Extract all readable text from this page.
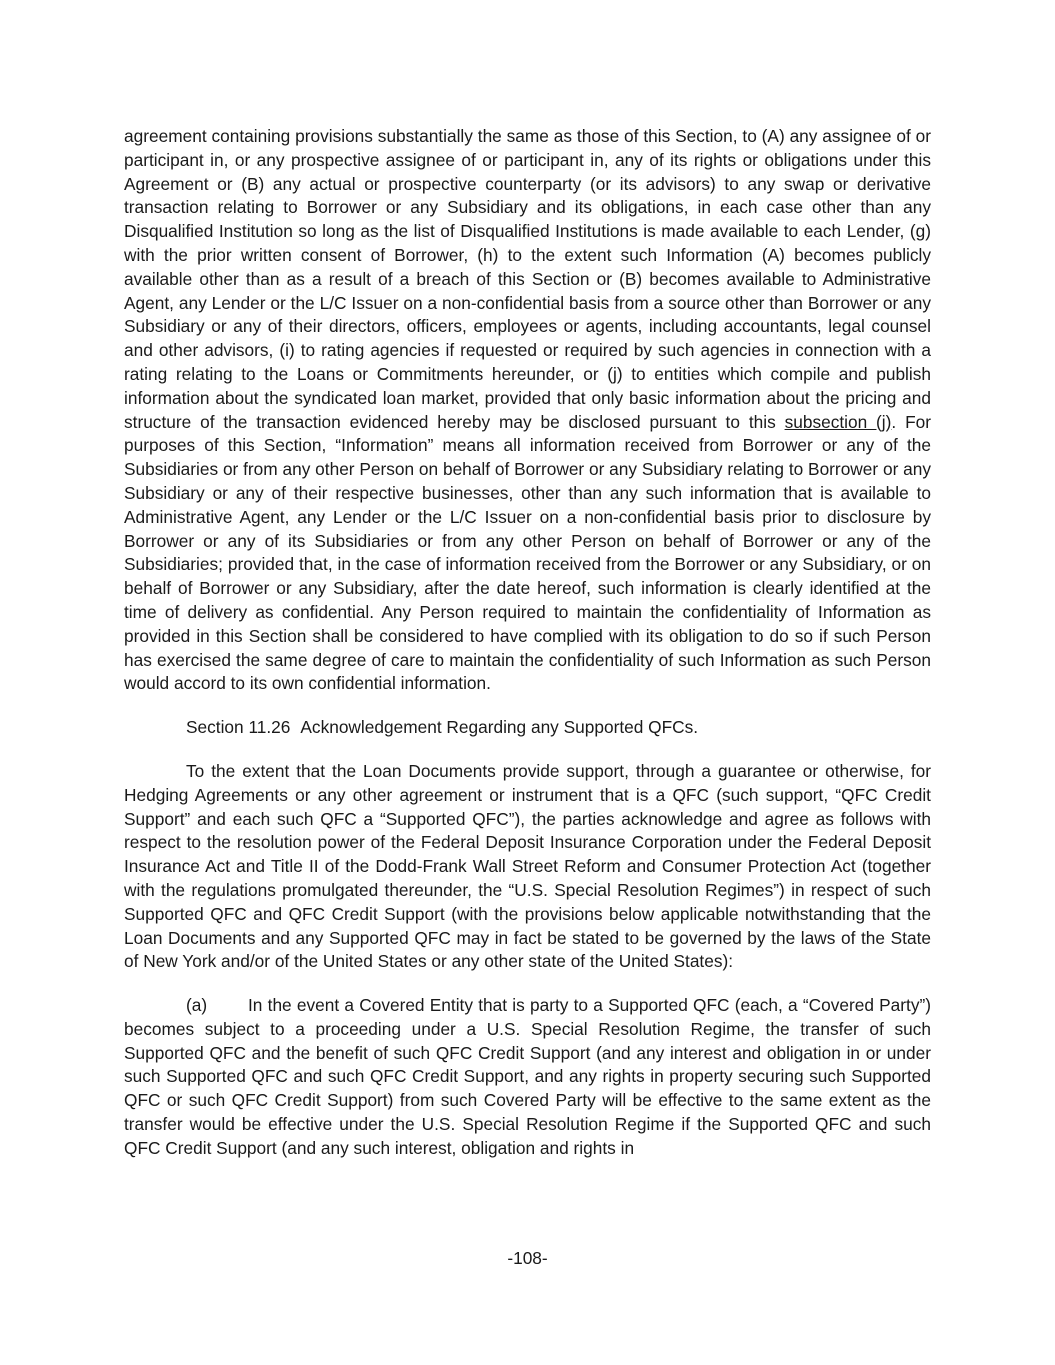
agreement containing provisions substantially the same as those of this Section, to (A) any assignee of or participant in, or any prospective assignee of or participant in, any of its rights or obligations under this Agreement or (B) any actual or prospective counterparty (or its advisors) to any swap or derivative transaction relating to Borrower or any Subsidiary and its obligations, in each case other than any Disqualified Institution so long as the list of Disqualified Institutions is made available to each Lender, (g) with the prior written consent of Borrower, (h) to the extent such Information (A) becomes publicly available other than as a result of a breach of this Section or (B) becomes available to Administrative Agent, any Lender or the L/C Issuer on a non-confidential basis from a source other than Borrower or any Subsidiary or any of their directors, officers, employees or agents, including accountants, legal counsel and other advisors, (i) to rating agencies if requested or required by such agencies in connection with a rating relating to the Loans or Commitments hereunder, or (j) to entities which compile and publish information about the syndicated loan market, provided that only basic information about the pricing and structure of the transaction evidenced hereby may be disclosed pursuant to this subsection (j). For purposes of this Section, “Information” means all information received from Borrower or any of the Subsidiaries or from any other Person on behalf of Borrower or any Subsidiary relating to Borrower or any Subsidiary or any of their respective businesses, other than any such information that is available to Administrative Agent, any Lender or the L/C Issuer on a non-confidential basis prior to disclosure by Borrower or any of its Subsidiaries or from any other Person on behalf of Borrower or any of the Subsidiaries; provided that, in the case of information received from the Borrower or any Subsidiary, or on behalf of Borrower or any Subsidiary, after the date hereof, such information is clearly identified at the time of delivery as confidential. Any Person required to maintain the confidentiality of Information as provided in this Section shall be considered to have complied with its obligation to do so if such Person has exercised the same degree of care to maintain the confidentiality of such Information as such Person would accord to its own confidential information.

Section 11.26 Acknowledgement Regarding any Supported QFCs.

To the extent that the Loan Documents provide support, through a guarantee or otherwise, for Hedging Agreements or any other agreement or instrument that is a QFC (such support, “QFC Credit Support” and each such QFC a “Supported QFC”), the parties acknowledge and agree as follows with respect to the resolution power of the Federal Deposit Insurance Corporation under the Federal Deposit Insurance Act and Title II of the Dodd-Frank Wall Street Reform and Consumer Protection Act (together with the regulations promulgated thereunder, the “U.S. Special Resolution Regimes”) in respect of such Supported QFC and QFC Credit Support (with the provisions below applicable notwithstanding that the Loan Documents and any Supported QFC may in fact be stated to be governed by the laws of the State of New York and/or of the United States or any other state of the United States):

(a) In the event a Covered Entity that is party to a Supported QFC (each, a “Covered Party”) becomes subject to a proceeding under a U.S. Special Resolution Regime, the transfer of such Supported QFC and the benefit of such QFC Credit Support (and any interest and obligation in or under such Supported QFC and such QFC Credit Support, and any rights in property securing such Supported QFC or such QFC Credit Support) from such Covered Party will be effective to the same extent as the transfer would be effective under the U.S. Special Resolution Regime if the Supported QFC and such QFC Credit Support (and any such interest, obligation and rights in

-108-
